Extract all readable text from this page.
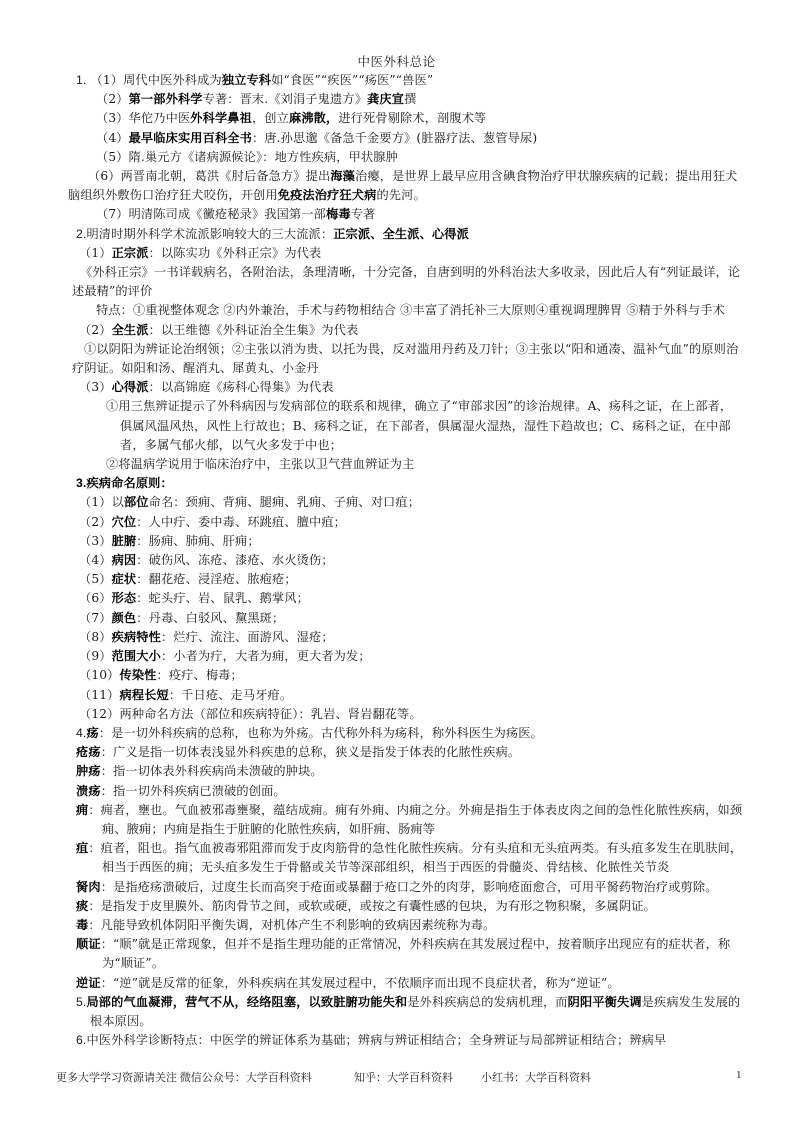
中医外科总论
1. （1）周代中医外科成为独立专科如“食医”“疾医”“疡医”“兽医”
（2）第一部外科学专著：晋末.《刘涓子鬼遗方》龚庆宣撰
（3）华佗乃中医外科学鼻祖，创立麻沸散，进行死骨剔除术，剖腹术等
（4）最早临床实用百科全书：唐.孙思邈《备急千金要方》(脏器疗法、葱管导尿)
（5）隋.巢元方《诸病源候论》：地方性疾病，甲状腺肿
（6）两晋南北朝，葛洪《肘后备急方》提出海藻治瘿，是世界上最早应用含碘食物治疗甲状腺疾病的记载；提出用狂犬脑组织外敷伤口治疗狂犬咬伤，开创用免疫法治疗狂犬病的先河。
（7）明清陈司成《黴疮秘录》我国第一部梅毒专著
2.明清时期外科学术流派影响较大的三大流派：正宗派、全生派、心得派
（1）正宗派：以陈实功《外科正宗》为代表
《外科正宗》一书详载病名，各附治法，条理清晰，十分完备，自唐到明的外科治法大多收录，因此后人有“列证最详，论述最精”的评价
特点：①重视整体观念 ②内外兼治，手术与药物相结合 ③丰富了消托补三大原则④重视调理脾胃 ⑤精于外科与手术
（2）全生派：以王维德《外科证治全生集》为代表
①以阴阳为辨证论治纲领；②主张以消为贵、以托为畏，反对滥用丹药及刀针；③主张以“阳和通凑、温补气血”的原则治疗阴证。如阳和汤、醒消丸、犀黄丸、小金丹
（3）心得派：以高锦庭《疡科心得集》为代表
①用三焦辨证提示了外科病因与发病部位的联系和规律，确立了“审部求因”的诊治规律。A、疡科之证，在上部者，俱属风温风热，风性上行故也；B、疡科之证，在下部者，俱属湿火湿热，湿性下趋故也；C、疡科之证，在中部者，多属气郁火郁，以气火多发于中也；
②将温病学说用于临床治疗中，主张以卫气营血辨证为主
3.疾病命名原则：
（1）以部位命名：颈痈、背痈、腿痈、乳痈、子痈、对口疽；
（2）穴位：人中疔、委中毒、环跳疽、膻中疽；
（3）脏腑：肠痈、肺痈、肝痈；
（4）病因：破伤风、冻疮、漆疮、水火烫伤；
（5）症状：翻花疮、浸淫疮、脓疱疮；
（6）形态：蛇头疔、岩、鼠乳、鹅掌风；
（7）颜色：丹毒、白驳风、黧黑斑；
（8）疾病特性：烂疔、流注、面游风、湿疮；
（9）范围大小：小者为疔，大者为痈，更大者为发；
（10）传染性：疫疔、梅毒；
（11）病程长短：千日疮、走马牙疳。
（12）两种命名方法（部位和疾病特征）：乳岩、肾岩翻花等。
4.疡：是一切外科疾病的总称，也称为外疡。古代称外科为疡科，称外科医生为疡医。
疮疡：广义是指一切体表浅显外科疾患的总称，狭义是指发于体表的化脓性疾病。
肿疡：指一切体表外科疾病尚未溃破的肿块。
溃疡：指一切外科疾病已溃破的创面。
痈：痈者，壅也。气血被邪毒壅聚，蕴结成痈。痈有外痈、内痈之分。外痈是指生于体表皮肉之间的急性化脓性疾病，如颈痈、腋痈；内痈是指生于脏腑的化脓性疾病，如肝痈、肠痈等
疽：疽者，阻也。指气血被毒邪阻滞而发于皮肉筋骨的急性化脓性疾病。分有头疽和无头疽两类。有头疽多发生在肌肤间，相当于西医的痈；无头疽多发生于骨骼或关节等深部组织，相当于西医的骨髓炎、骨结核、化脓性关节炎
胬肉：是指疮疡溃破后，过度生长而高突于疮面或暴翻于疮口之外的肉芽，影响疮面愈合，可用平胬药物治疗或剪除。
痰：是指发于皮里膜外、筋肉骨节之间，或软或硬，或按之有囊性感的包块，为有形之物积聚，多属阴证。
毒：凡能导致机体阴阳平衡失调，对机体产生不利影响的致病因素统称为毒。
顺证：“顺”就是正常现象，但并不是指生理功能的正常情况，外科疾病在其发展过程中，按着顺序出现应有的症状者，称为“顺证”。
逆证：“逆”就是反常的征象，外科疾病在其发展过程中，不依顺序而出现不良症状者，称为“逆证”。
5.局部的气血凝滞，营气不从，经络阻塞，以致脏腑功能失和是外科疾病总的发病机理，而阴阳平衡失调是疾病发生发展的根本原因。
6.中医外科学诊断特点：中医学的辨证体系为基础；辨病与辨证相结合；全身辨证与局部辨证相结合；辨病早
更多大学学习资源请关注 微信公众号：大学百科资料	知乎：大学百科资料	小红书：大学百科资料	1
